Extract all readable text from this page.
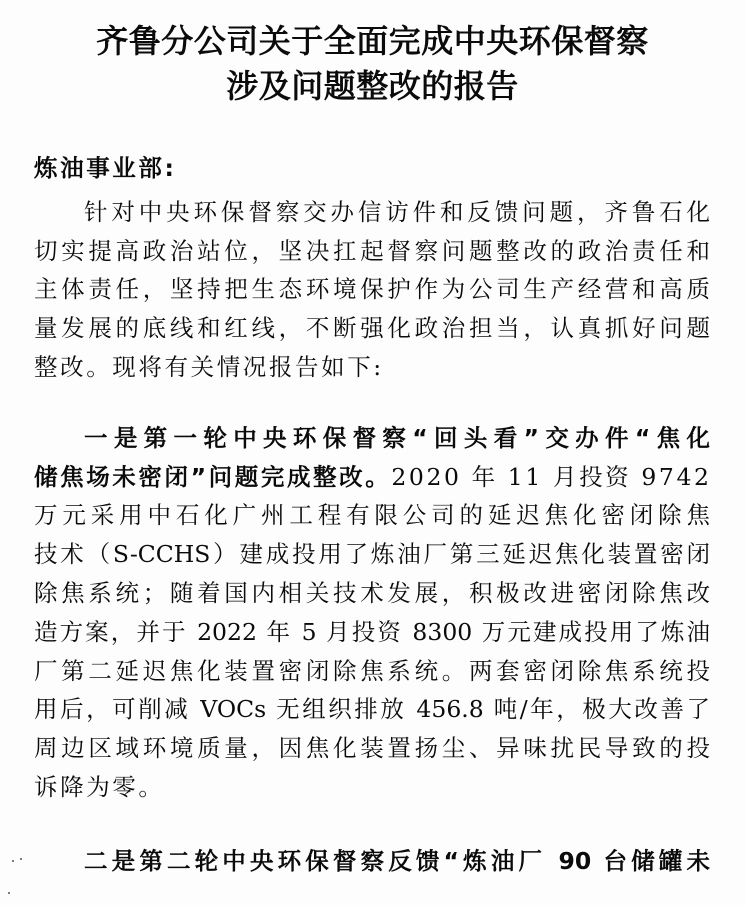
齐鲁分公司关于全面完成中央环保督察
涉及问题整改的报告
炼油事业部:
针对中央环保督察交办信访件和反馈问题，齐鲁石化
切实提高政治站位，坚决扛起督察问题整改的政治责任和
主体责任，坚持把生态环境保护作为公司生产经营和高质
量发展的底线和红线，不断强化政治担当，认真抓好问题
整改。现将有关情况报告如下:
一是第一轮中央环保督察“回头看”交办件“焦化
储焦场未密闭”问题完成整改。2020 年 11 月投资 9742
万元采用中石化广州工程有限公司的延迟焦化密闭除焦
技术（S-CCHS）建成投用了炼油厂第三延迟焦化装置密闭
除焦系统；随着国内相关技术发展，积极改进密闭除焦改
造方案，并于 2022 年 5 月投资 8300 万元建成投用了炼油
厂第二延迟焦化装置密闭除焦系统。两套密闭除焦系统投
用后，可削减 VOCs 无组织排放 456.8 吨/年，极大改善了
周边区域环境质量，因焦化装置扬尘、异味扰民导致的投
诉降为零。
二是第二轮中央环保督察反馈“炼油厂 90 台储罐未
